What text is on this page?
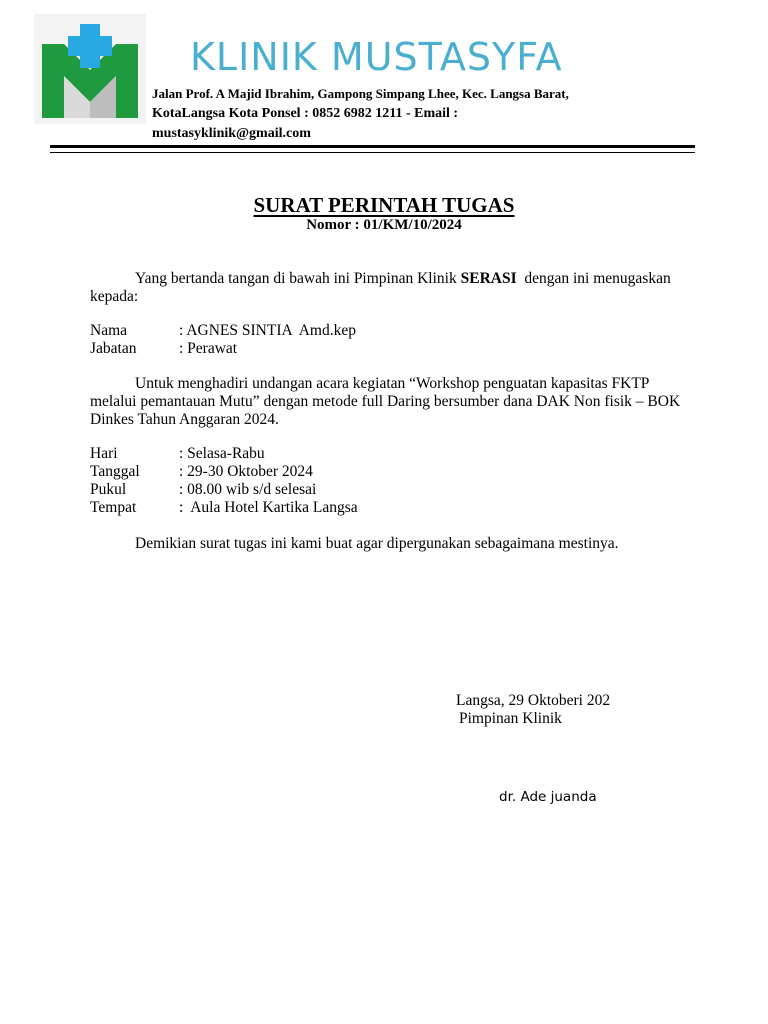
KLINIK MUSTASYFA
Jalan Prof. A Majid Ibrahim, Gampong Simpang Lhee, Kec. Langsa Barat,
KotaLangsa Kota Ponsel : 0852 6982 1211 - Email :
mustasyklinik@gmail.com
SURAT PERINTAH TUGAS
Nomor : 01/KM/10/2024
Yang bertanda tangan di bawah ini Pimpinan Klinik SERASI  dengan ini menugaskan kepada:
Nama	: AGNES SINTIA  Amd.kep
Jabatan	: Perawat
Untuk menghadiri undangan acara kegiatan “Workshop penguatan kapasitas FKTP melalui pemantauan Mutu” dengan metode full Daring bersumber dana DAK Non fisik – BOK Dinkes Tahun Anggaran 2024.
Hari	: Selasa-Rabu
Tanggal	: 29-30 Oktober 2024
Pukul	: 08.00 wib s/d selesai
Tempat	:  Aula Hotel Kartika Langsa
Demikian surat tugas ini kami buat agar dipergunakan sebagaimana mestinya.
Langsa, 29 Oktoberi 202
Pimpinan Klinik
dr. Ade juanda
